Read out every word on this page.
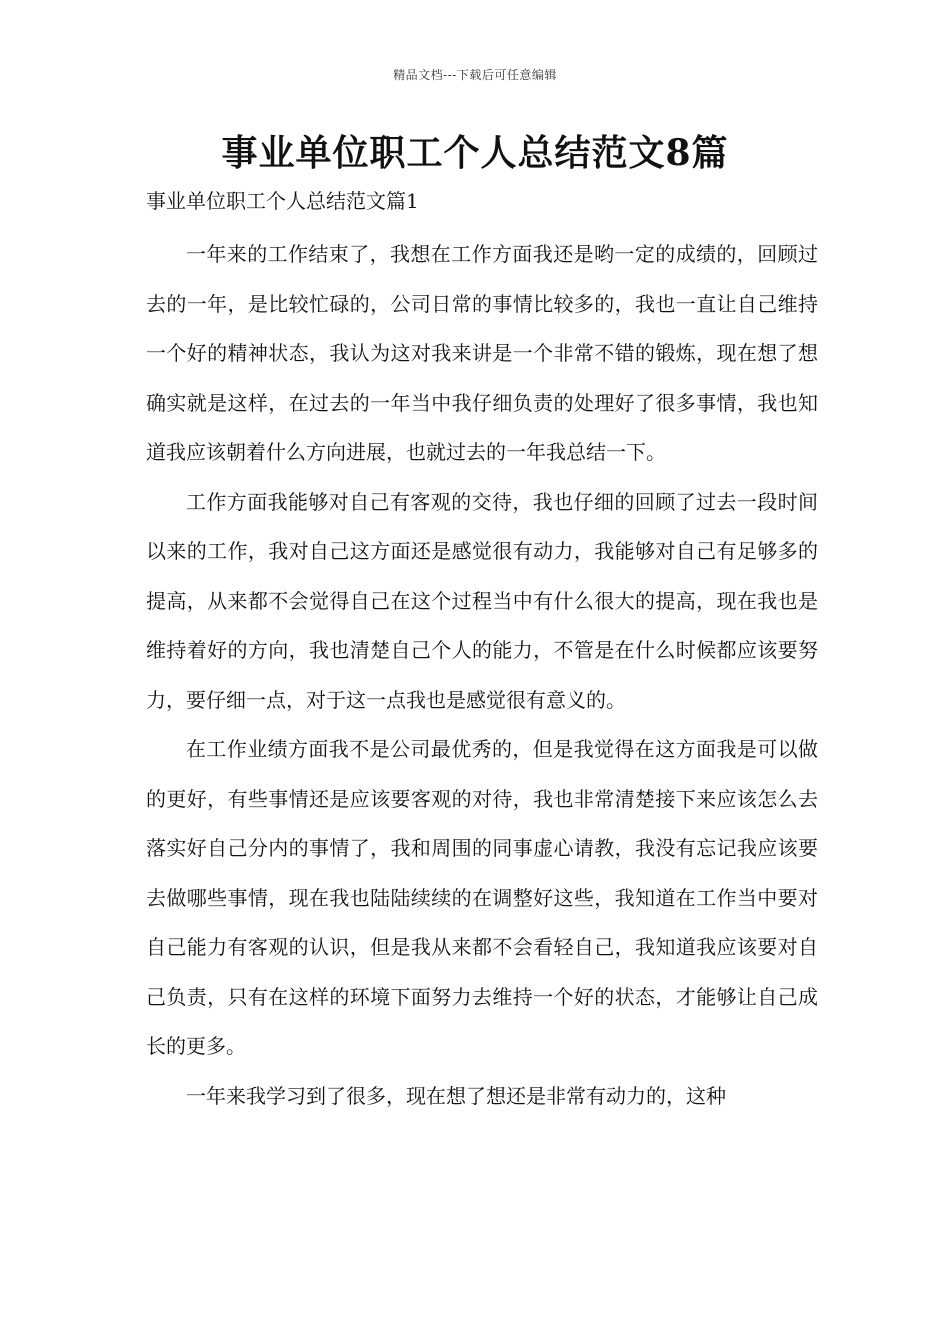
精品文档---下载后可任意编辑
事业单位职工个人总结范文8篇
事业单位职工个人总结范文篇1

一年来的工作结束了，我想在工作方面我还是哟一定的成绩的，回顾过去的一年，是比较忙碌的，公司日常的事情比较多的，我也一直让自己维持一个好的精神状态，我认为这对我来讲是一个非常不错的锻炼，现在想了想确实就是这样，在过去的一年当中我仔细负责的处理好了很多事情，我也知道我应该朝着什么方向进展，也就过去的一年我总结一下。

工作方面我能够对自己有客观的交待，我也仔细的回顾了过去一段时间以来的工作，我对自己这方面还是感觉很有动力，我能够对自己有足够多的提高，从来都不会觉得自己在这个过程当中有什么很大的提高，现在我也是维持着好的方向，我也清楚自己个人的能力，不管是在什么时候都应该要努力，要仔细一点，对于这一点我也是感觉很有意义的。

在工作业绩方面我不是公司最优秀的，但是我觉得在这方面我是可以做的更好，有些事情还是应该要客观的对待，我也非常清楚接下来应该怎么去落实好自己分内的事情了，我和周围的同事虚心请教，我没有忘记我应该要去做哪些事情，现在我也陆陆续续的在调整好这些，我知道在工作当中要对自己能力有客观的认识，但是我从来都不会看轻自己，我知道我应该要对自己负责，只有在这样的环境下面努力去维持一个好的状态，才能够让自己成长的更多。

一年来我学习到了很多，现在想了想还是非常有动力的，这种
